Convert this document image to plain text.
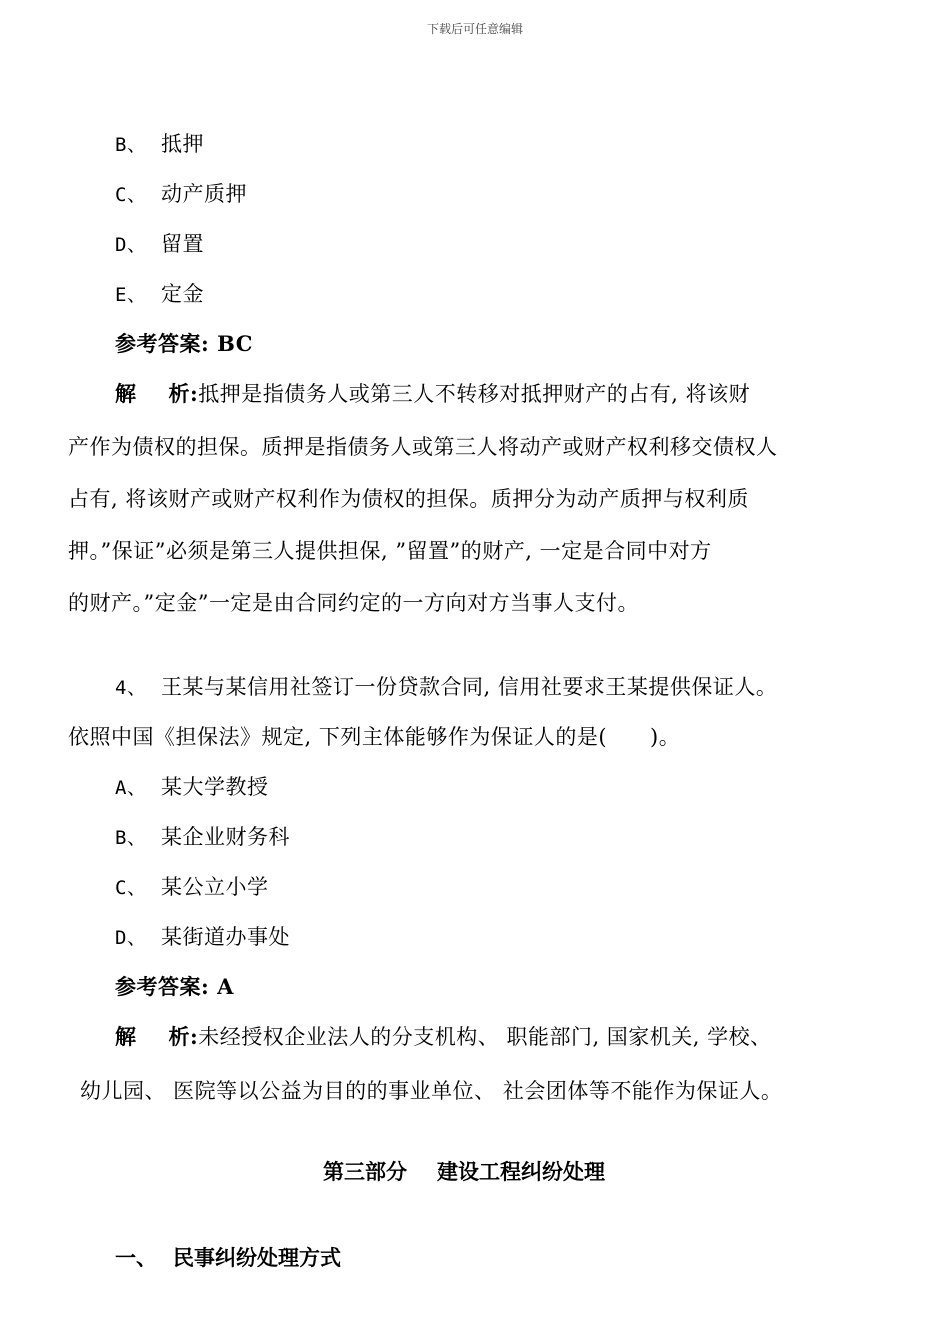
下载后可任意编辑
B、 抵押
C、 动产质押
D、 留置
E、 定金
参考答案: BC
解 析:抵押是指债务人或第三人不转移对抵押财产的占有, 将该财
产作为债权的担保。质押是指债务人或第三人将动产或财产权利移交债权人
占有, 将该财产或财产权利作为债权的担保。质押分为动产质押与权利质
押。”保证”必须是第三人提供担保, ”留置”的财产, 一定是合同中对方
的财产。”定金”一定是由合同约定的一方向对方当事人支付。
4、 王某与某信用社签订一份贷款合同, 信用社要求王某提供保证人。
依照中国《担保法》规定, 下列主体能够作为保证人的是(　　)。
A、 某大学教授
B、 某企业财务科
C、 某公立小学
D、 某街道办事处
参考答案: A
解 析:未经授权企业法人的分支机构、 职能部门, 国家机关, 学校、
幼儿园、 医院等以公益为目的的事业单位、 社会团体等不能作为保证人。
第三部分 建设工程纠纷处理
一、 民事纠纷处理方式
